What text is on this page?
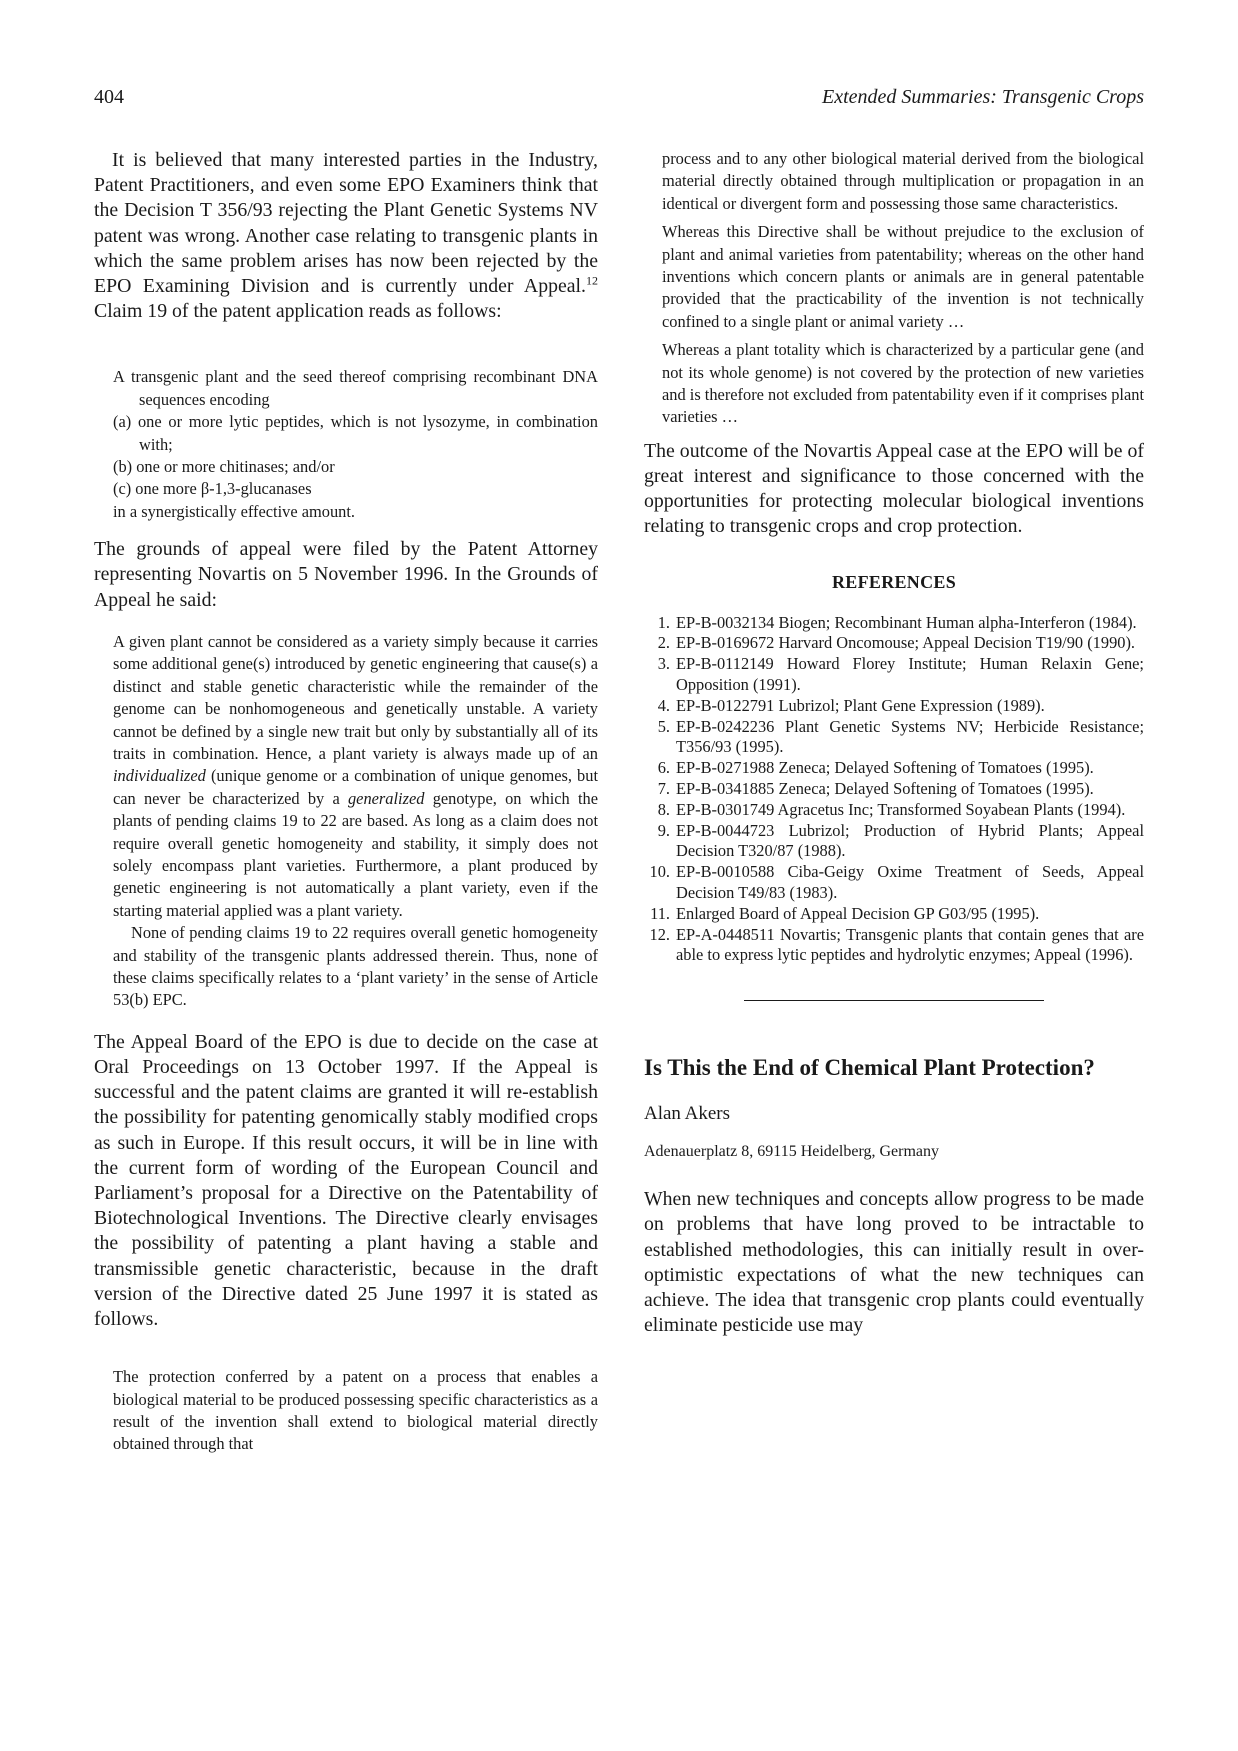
404	Extended Summaries: Transgenic Crops

It is believed that many interested parties in the Industry, Patent Practitioners, and even some EPO Examiners think that the Decision T 356/93 rejecting the Plant Genetic Systems NV patent was wrong. Another case relating to transgenic plants in which the same problem arises has now been rejected by the EPO Examining Division and is currently under Appeal.$^{12}$ Claim 19 of the patent application reads as follows:

A transgenic plant and the seed thereof comprising recombinant DNA sequences encoding

(a) one or more lytic peptides, which is not lysozyme, in combination with;

(b) one or more chitinases; and/or

(c) one more β-1,3-glucanases

in a synergistically effective amount.

The grounds of appeal were filed by the Patent Attorney representing Novartis on 5 November 1996. In the Grounds of Appeal he said:

A given plant cannot be considered as a variety simply because it carries some additional gene(s) introduced by genetic engineering that cause(s) a distinct and stable genetic characteristic while the remainder of the genome can be nonhomogeneous and genetically unstable. A variety cannot be defined by a single new trait but only by substantially all of its traits in combination. Hence, a plant variety is always made up of an individualized (unique genome or a combination of unique genomes, but can never be characterized by a generalized genotype, on which the plants of pending claims 19 to 22 are based. As long as a claim does not require overall genetic homogeneity and stability, it simply does not solely encompass plant varieties. Furthermore, a plant produced by genetic engineering is not automatically a plant variety, even if the starting material applied was a plant variety.

None of pending claims 19 to 22 requires overall genetic homogeneity and stability of the transgenic plants addressed therein. Thus, none of these claims specifically relates to a ‘plant variety’ in the sense of Article 53(b) EPC.

The Appeal Board of the EPO is due to decide on the case at Oral Proceedings on 13 October 1997. If the Appeal is successful and the patent claims are granted it will re-establish the possibility for patenting genomically stably modified crops as such in Europe. If this result occurs, it will be in line with the current form of wording of the European Council and Parliament’s proposal for a Directive on the Patentability of Biotechnological Inventions. The Directive clearly envisages the possibility of patenting a plant having a stable and transmissible genetic characteristic, because in the draft version of the Directive dated 25 June 1997 it is stated as follows.

The protection conferred by a patent on a process that enables a biological material to be produced possessing specific characteristics as a result of the invention shall extend to biological material directly obtained through that

process and to any other biological material derived from the biological material directly obtained through multiplication or propagation in an identical or divergent form and possessing those same characteristics.

Whereas this Directive shall be without prejudice to the exclusion of plant and animal varieties from patentability; whereas on the other hand inventions which concern plants or animals are in general patentable provided that the practicability of the invention is not technically confined to a single plant or animal variety …

Whereas a plant totality which is characterized by a particular gene (and not its whole genome) is not covered by the protection of new varieties and is therefore not excluded from patentability even if it comprises plant varieties …

The outcome of the Novartis Appeal case at the EPO will be of great interest and significance to those concerned with the opportunities for protecting molecular biological inventions relating to transgenic crops and crop protection.

REFERENCES

1. EP-B-0032134 Biogen; Recombinant Human alpha-Interferon (1984).
2. EP-B-0169672 Harvard Oncomouse; Appeal Decision T19/90 (1990).
3. EP-B-0112149 Howard Florey Institute; Human Relaxin Gene; Opposition (1991).
4. EP-B-0122791 Lubrizol; Plant Gene Expression (1989).
5. EP-B-0242236 Plant Genetic Systems NV; Herbicide Resistance; T356/93 (1995).
6. EP-B-0271988 Zeneca; Delayed Softening of Tomatoes (1995).
7. EP-B-0341885 Zeneca; Delayed Softening of Tomatoes (1995).
8. EP-B-0301749 Agracetus Inc; Transformed Soyabean Plants (1994).
9. EP-B-0044723 Lubrizol; Production of Hybrid Plants; Appeal Decision T320/87 (1988).
10. EP-B-0010588 Ciba-Geigy Oxime Treatment of Seeds, Appeal Decision T49/83 (1983).
11. Enlarged Board of Appeal Decision GP G03/95 (1995).
12. EP-A-0448511 Novartis; Transgenic plants that contain genes that are able to express lytic peptides and hydrolytic enzymes; Appeal (1996).

Is This the End of Chemical Plant Protection?

Alan Akers

Adenauerplatz 8, 69115 Heidelberg, Germany

When new techniques and concepts allow progress to be made on problems that have long proved to be intractable to established methodologies, this can initially result in over-optimistic expectations of what the new techniques can achieve. The idea that transgenic crop plants could eventually eliminate pesticide use may
